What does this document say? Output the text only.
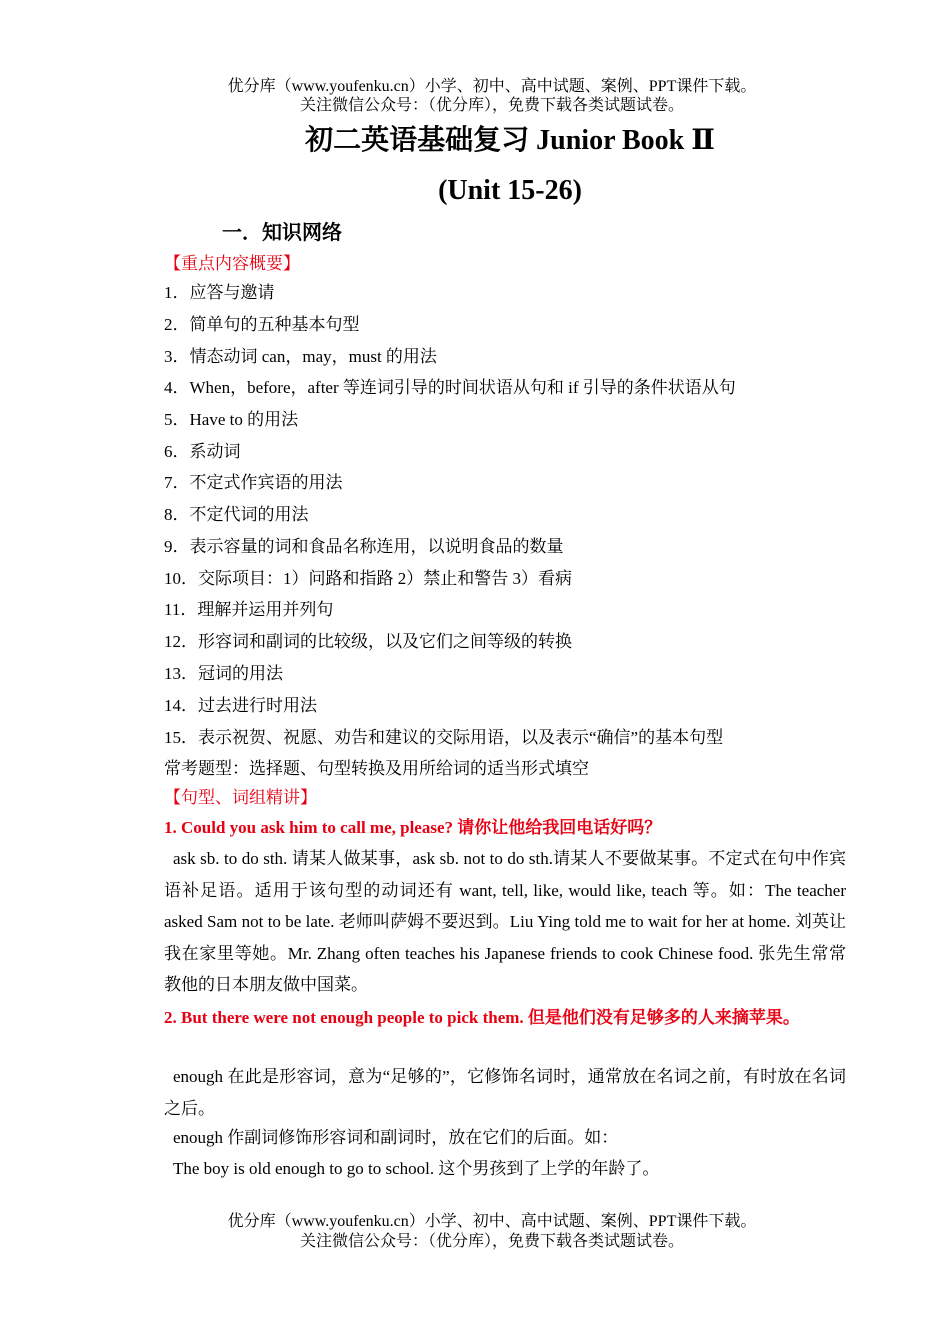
优分库（www.youfenku.cn）小学、初中、高中试题、案例、PPT课件下载。
关注微信公众号：（优分库），免费下载各类试题试卷。
初二英语基础复习 Junior Book Ⅱ
(Unit 15-26)
一．知识网络
【重点内容概要】
1．应答与邀请
2．简单句的五种基本句型
3．情态动词 can，may，must 的用法
4．When，before，after 等连词引导的时间状语从句和 if 引导的条件状语从句
5．Have to 的用法
6．系动词
7．不定式作宾语的用法
8．不定代词的用法
9．表示容量的词和食品名称连用，以说明食品的数量
10．交际项目：1）问路和指路 2）禁止和警告 3）看病
11．理解并运用并列句
12．形容词和副词的比较级，以及它们之间等级的转换
13．冠词的用法
14．过去进行时用法
15．表示祝贺、祝愿、劝告和建议的交际用语，以及表示“确信”的基本句型
常考题型：选择题、句型转换及用所给词的适当形式填空
【句型、词组精讲】
1. Could you ask him to call me, please? 请你让他给我回电话好吗？
ask sb. to do sth. 请某人做某事，ask sb. not to do sth.请某人不要做某事。不定式在句中作宾语补足语。适用于该句型的动词还有 want, tell, like, would like, teach 等。如：The teacher asked Sam not to be late. 老师叫萨姆不要迟到。Liu Ying told me to wait for her at home. 刘英让我在家里等她。Mr. Zhang often teaches his Japanese friends to cook Chinese food. 张先生常常教他的日本朋友做中国菜。
2. But there were not enough people to pick them. 但是他们没有足够多的人来摘苹果。
enough 在此是形容词，意为“足够的”，它修饰名词时，通常放在名词之前，有时放在名词之后。
enough 作副词修饰形容词和副词时，放在它们的后面。如：
The boy is old enough to go to school. 这个男孩到了上学的年龄了。
优分库（www.youfenku.cn）小学、初中、高中试题、案例、PPT课件下载。
关注微信公众号：（优分库），免费下载各类试题试卷。
